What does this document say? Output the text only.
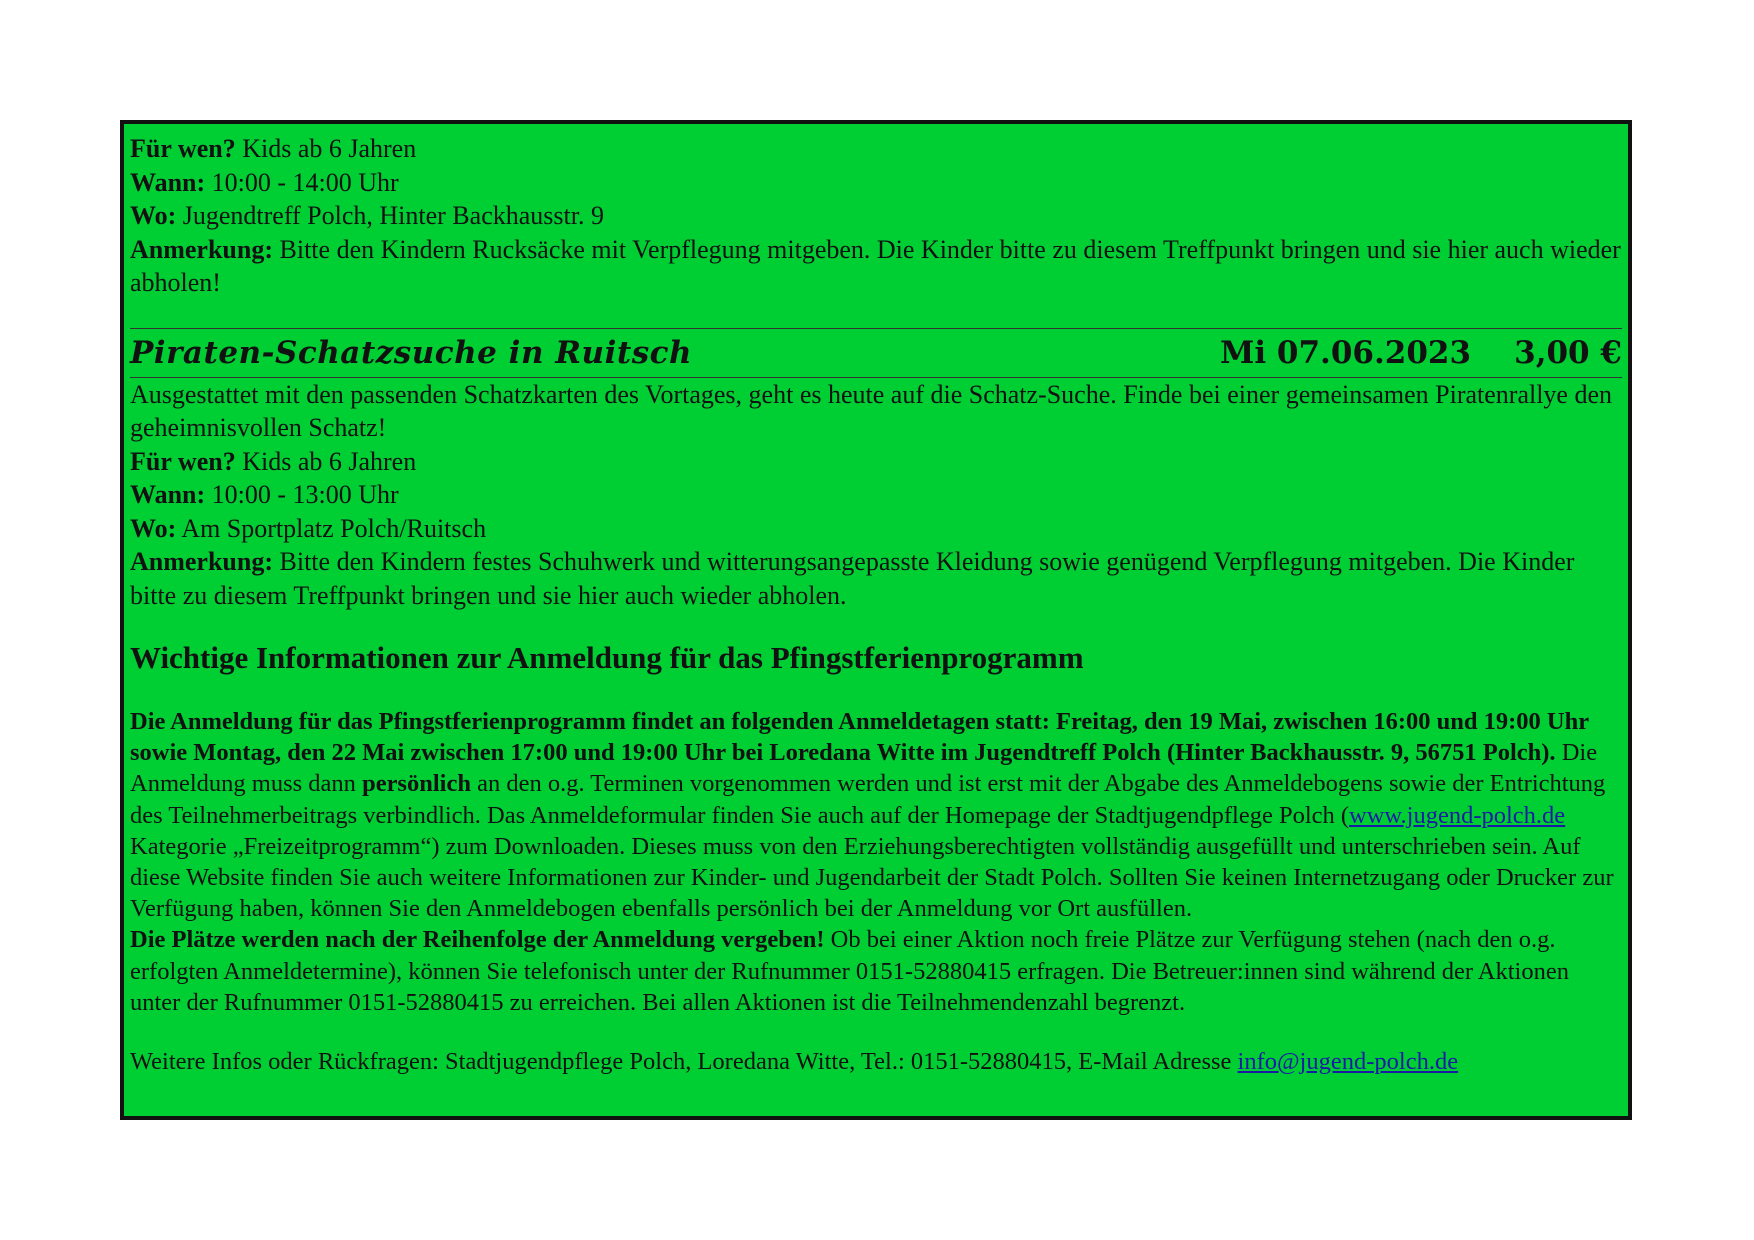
Für wen? Kids ab 6 Jahren
Wann: 10:00 - 14:00 Uhr
Wo: Jugendtreff Polch, Hinter Backhausstr. 9
Anmerkung: Bitte den Kindern Rucksäcke mit Verpflegung mitgeben. Die Kinder bitte zu diesem Treffpunkt bringen und sie hier auch wieder abholen!
Piraten-Schatzsuche in Ruitsch	Mi 07.06.2023 3,00 €
Ausgestattet mit den passenden Schatzkarten des Vortages, geht es heute auf die Schatz-Suche. Finde bei einer gemeinsamen Piratenrallye den geheimnisvollen Schatz!
Für wen? Kids ab 6 Jahren
Wann: 10:00 - 13:00 Uhr
Wo: Am Sportplatz Polch/Ruitsch
Anmerkung: Bitte den Kindern festes Schuhwerk und witterungsangepasste Kleidung sowie genügend Verpflegung mitgeben. Die Kinder bitte zu diesem Treffpunkt bringen und sie hier auch wieder abholen.
Wichtige Informationen zur Anmeldung für das Pfingstferienprogramm
Die Anmeldung für das Pfingstferienprogramm findet an folgenden Anmeldetagen statt: Freitag, den 19 Mai, zwischen 16:00 und 19:00 Uhr sowie Montag, den 22 Mai zwischen 17:00 und 19:00 Uhr bei Loredana Witte im Jugendtreff Polch (Hinter Backhausstr. 9, 56751 Polch). Die Anmeldung muss dann persönlich an den o.g. Terminen vorgenommen werden und ist erst mit der Abgabe des Anmeldebogens sowie der Entrichtung des Teilnehmerbeitrags verbindlich. Das Anmeldeformular finden Sie auch auf der Homepage der Stadtjugendpflege Polch (www.jugend-polch.de Kategorie „Freizeitprogramm“) zum Downloaden. Dieses muss von den Erziehungsberechtigten vollständig ausgefüllt und unterschrieben sein. Auf diese Website finden Sie auch weitere Informationen zur Kinder- und Jugendarbeit der Stadt Polch. Sollten Sie keinen Internetzugang oder Drucker zur Verfügung haben, können Sie den Anmeldebogen ebenfalls persönlich bei der Anmeldung vor Ort ausfüllen.
Die Plätze werden nach der Reihenfolge der Anmeldung vergeben! Ob bei einer Aktion noch freie Plätze zur Verfügung stehen (nach den o.g. erfolgten Anmeldetermine), können Sie telefonisch unter der Rufnummer 0151-52880415 erfragen. Die Betreuer:innen sind während der Aktionen unter der Rufnummer 0151-52880415 zu erreichen. Bei allen Aktionen ist die Teilnehmendenzahl begrenzt.
Weitere Infos oder Rückfragen: Stadtjugendpflege Polch, Loredana Witte, Tel.: 0151-52880415, E-Mail Adresse info@jugend-polch.de
